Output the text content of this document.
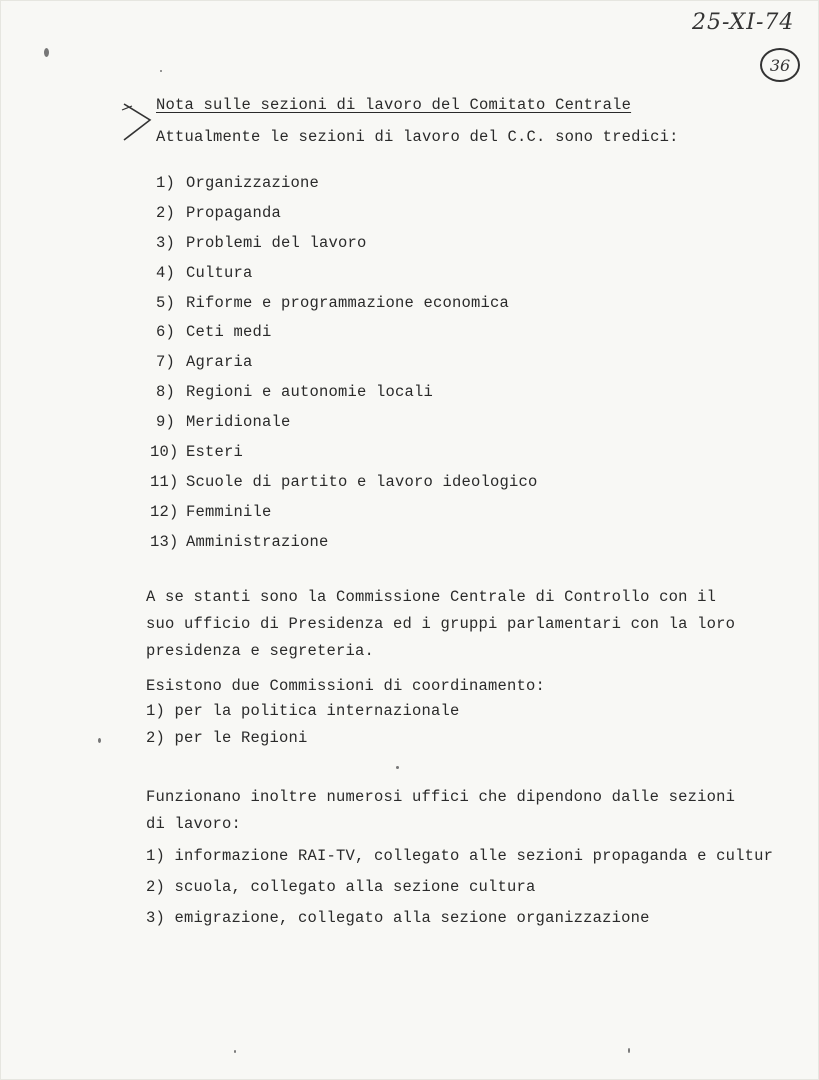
25-XI-74
36
Nota sulle sezioni di lavoro del Comitato Centrale
Attualmente le sezioni di lavoro del C.C. sono tredici:
1) Organizzazione
2) Propaganda
3) Problemi del lavoro
4) Cultura
5) Riforme e programmazione economica
6) Ceti medi
7) Agraria
8) Regioni e autonomie locali
9) Meridionale
10) Esteri
11) Scuole di partito e lavoro ideologico
12) Femminile
13) Amministrazione
A se stanti sono la Commissione Centrale di Controllo con il
suo ufficio di Presidenza ed i gruppi parlamentari con la loro
presidenza e segreteria.
Esistono due Commissioni di coordinamento:
1) per la politica internazionale
2) per le Regioni
Funzionano inoltre numerosi uffici che dipendono dalle sezioni
di lavoro:
1) informazione RAI-TV, collegato alle sezioni propaganda e cultur
2) scuola, collegato alla sezione cultura
3) emigrazione, collegato alla sezione organizzazione
